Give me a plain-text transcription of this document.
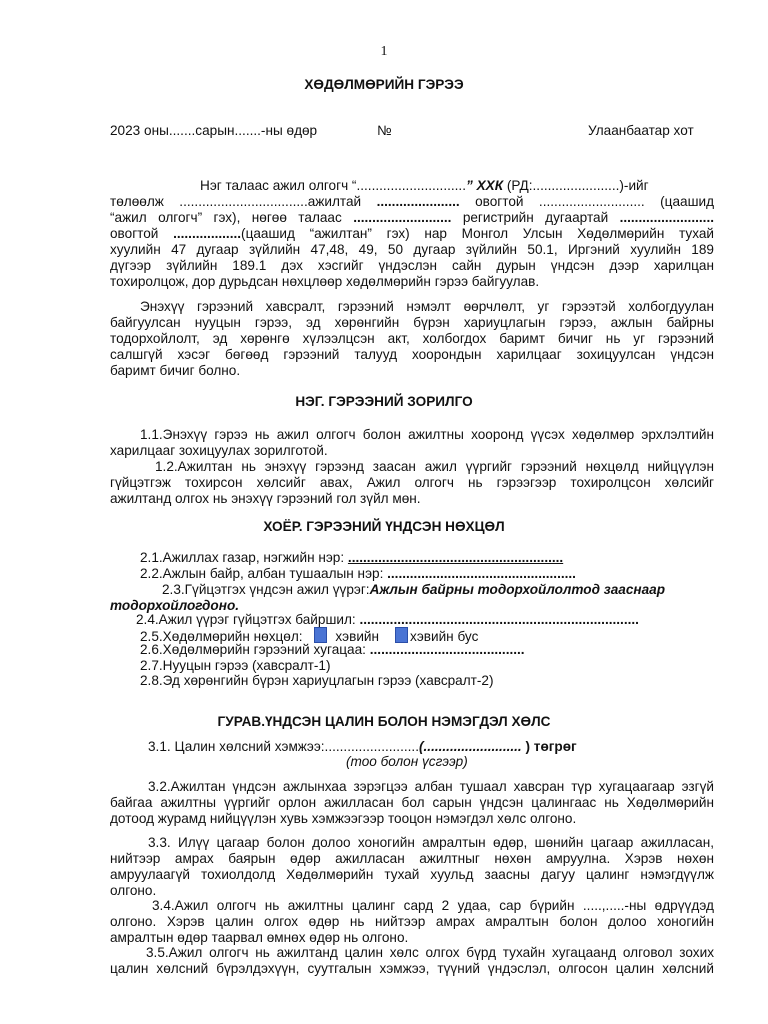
1
ХӨДӨЛМӨРИЙН ГЭРЭЭ
2023 оны.......сарын.......-ны өдөр	№	Улаанбаатар хот
Нэг талаас ажил олгогч “.............................” ХХК (РД:.......................)-ийг
төлөөлж ..................................ажилтай ...................... овогтой ............................ (цаашид
“ажил олгогч” гэх), нөгөө талаас .......................... регистрийн дугаартай .........................
овогтой ..................(цаашид “ажилтан” гэх) нар Монгол Улсын Хөдөлмөрийн тухай
хуулийн 47 дугаар зүйлийн 47,48, 49, 50 дугаар зүйлийн 50.1, Иргэний хуулийн 189
дүгээр зүйлийн 189.1 дэх хэсгийг үндэслэн сайн дурын үндсэн дээр харилцан
тохиролцож, дор дурьдсан нөхцлөөр хөдөлмөрийн гэрээ байгуулав.
Энэхүү гэрээний хавсралт, гэрээний нэмэлт өөрчлөлт, уг гэрээтэй холбогдуулан
байгуулсан нууцын гэрээ, эд хөрөнгийн бүрэн хариуцлагын гэрээ, ажлын байрны
тодорхойлолт, эд хөрөнгө хүлээлцсэн акт, холбогдох баримт бичиг нь уг гэрээний
салшгүй хэсэг бөгөөд гэрээний талууд хоорондын харилцааг зохицуулсан үндсэн
баримт бичиг болно.
НЭГ. ГЭРЭЭНИЙ ЗОРИЛГО
1.1.Энэхүү гэрээ нь ажил олгогч болон ажилтны хооронд үүсэх хөдөлмөр эрхлэлтийн
харилцааг зохицуулах зорилготой.
1.2.Ажилтан нь энэхүү гэрээнд заасан ажил үүргийг гэрээний нөхцөлд нийцүүлэн
гүйцэтгэж тохирсон хөлсийг авах, Ажил олгогч нь гэрээгээр тохиролцсон хөлсийг
ажилтанд олгох нь энэхүү гэрээний гол зүйл мөн.
ХОЁР. ГЭРЭЭНИЙ ҮНДСЭН НӨХЦӨЛ
2.1.Ажиллах газар, нэгжийн нэр: .........................................................
2.2.Ажлын байр, албан тушаалын нэр: ..................................................
2.3.Гүйцэтгэх үндсэн ажил үүрэг:Ажлын байрны тодорхойлолтод зааснаар
тодорхойлогдоно.
2.4.Ажил үүрэг гүйцэтгэх байршил: ..........................................................................
2.5.Хөдөлмөрийн нөхцөл: хэвийн хэвийн бус
2.6.Хөдөлмөрийн гэрээний хугацаа: .........................................
2.7.Нууцын гэрээ (хавсралт-1)
2.8.Эд хөрөнгийн бүрэн хариуцлагын гэрээ (хавсралт-2)
ГУРАВ.ҮНДСЭН ЦАЛИН БОЛОН НЭМЭГДЭЛ ХӨЛС
3.1. Цалин хөлсний хэмжээ:.........................(.......................... ) төгрөг
(тоо болон үсгээр)
3.2.Ажилтан үндсэн ажлынхаа зэрэгцээ албан тушаал хавсран түр хугацаагаар эзгүй
байгаа ажилтны үүргийг орлон ажилласан бол сарын үндсэн цалингаас нь Хөдөлмөрийн
дотоод журамд нийцүүлэн хувь хэмжээгээр тооцон нэмэгдэл хөлс олгоно.
3.3. Илүү цагаар болон долоо хоногийн амралтын өдөр, шөнийн цагаар ажилласан,
нийтээр амрах баярын өдөр ажилласан ажилтныг нөхөн амруулна. Хэрэв нөхөн
амруулаагүй тохиолдолд Хөдөлмөрийн тухай хуульд заасны дагуу цалинг нэмэгдүүлж
олгоно.
3.4.Ажил олгогч нь ажилтны цалинг сард 2 удаа, сар бүрийн .....,.....-ны өдрүүдэд
олгоно. Хэрэв цалин олгох өдөр нь нийтээр амрах амралтын болон долоо хоногийн
амралтын өдөр таарвал өмнөх өдөр нь олгоно.
3.5.Ажил олгогч нь ажилтанд цалин хөлс олгох бүрд тухайн хугацаанд олговол зохих
цалин хөлсний бүрэлдэхүүн, суутгалын хэмжээ, түүний үндэслэл, олгосон цалин хөлсний
